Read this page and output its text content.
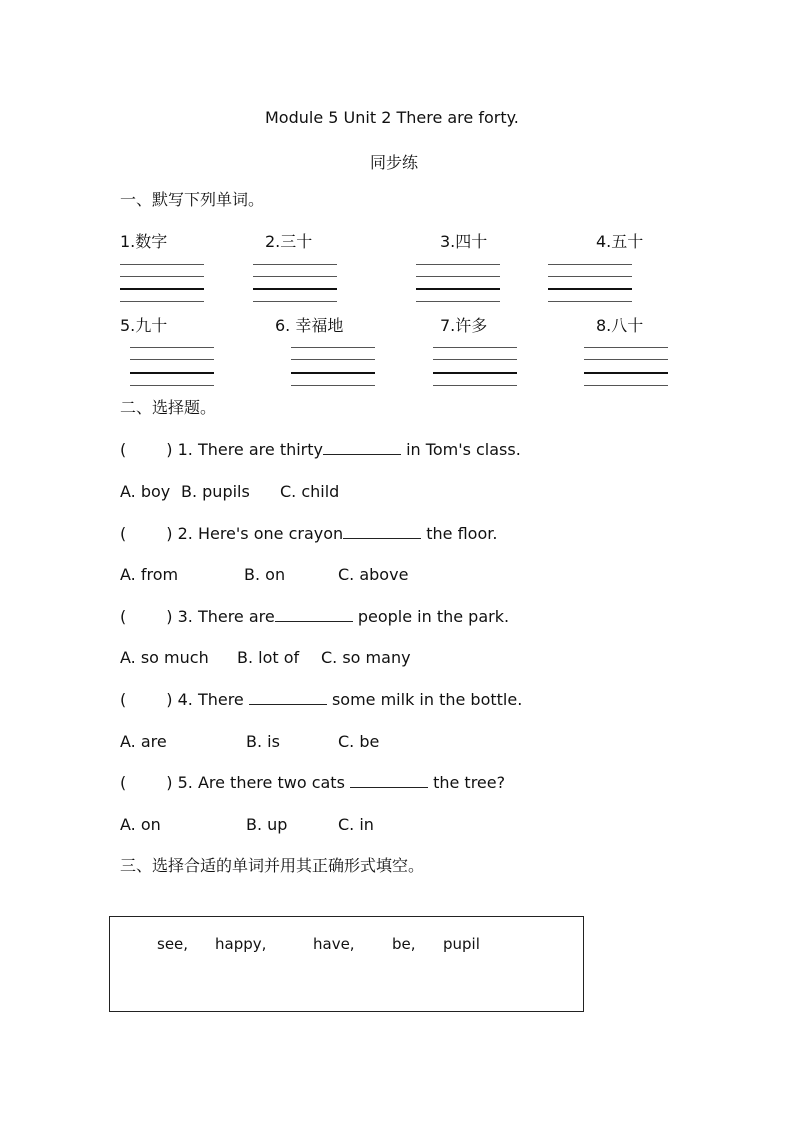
Module 5 Unit 2 There are forty.
同步练
一、默写下列单词。
1.数字	2.三十	3.四十	4.五十
5.九十	6. 幸福地	7.许多	8.八十
二、选择题。
(	) 1. There are thirty	in Tom's class.
A. boy B. pupils C. child
(	) 2. Here's one crayon	the floor.
A. from	B. on	C. above
(	) 3. There are	people in the park.
A. so much B. lot of C. so many
(	) 4. There	some milk in the bottle.
A. are	B. is	C. be
(	) 5. Are there two cats	the tree?
A. on	B. up	C. in
三、选择合适的单词并用其正确形式填空。
see, happy,	have, be, pupil
